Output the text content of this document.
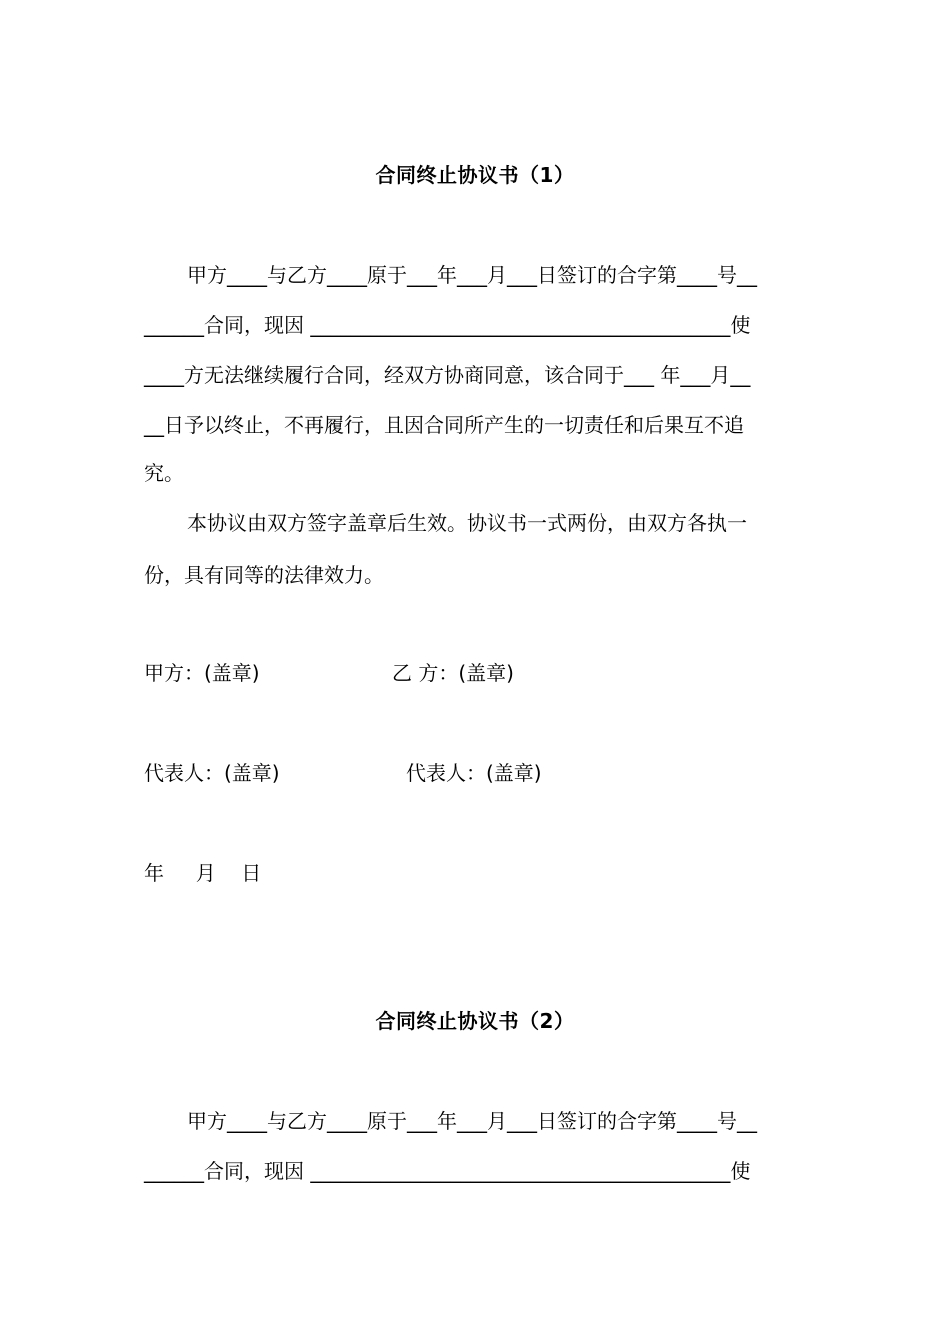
合同终止协议书（1）
甲方____与乙方____原于___年___月___日签订的合字第____号__
______合同，现因 __________________________________________使
____方无法继续履行合同，经双方协商同意，该合同于___ 年___月__
__日予以终止，不再履行，且因合同所产生的一切责任和后果互不追
究。
本协议由双方签字盖章后生效。协议书一式两份，由双方各执一
份，具有同等的法律效力。
甲方：(盖章)	乙 方：(盖章)
代表人：(盖章)	代表人：(盖章)
年     月    日
合同终止协议书（2）
甲方____与乙方____原于___年___月___日签订的合字第____号__
______合同，现因 __________________________________________使
